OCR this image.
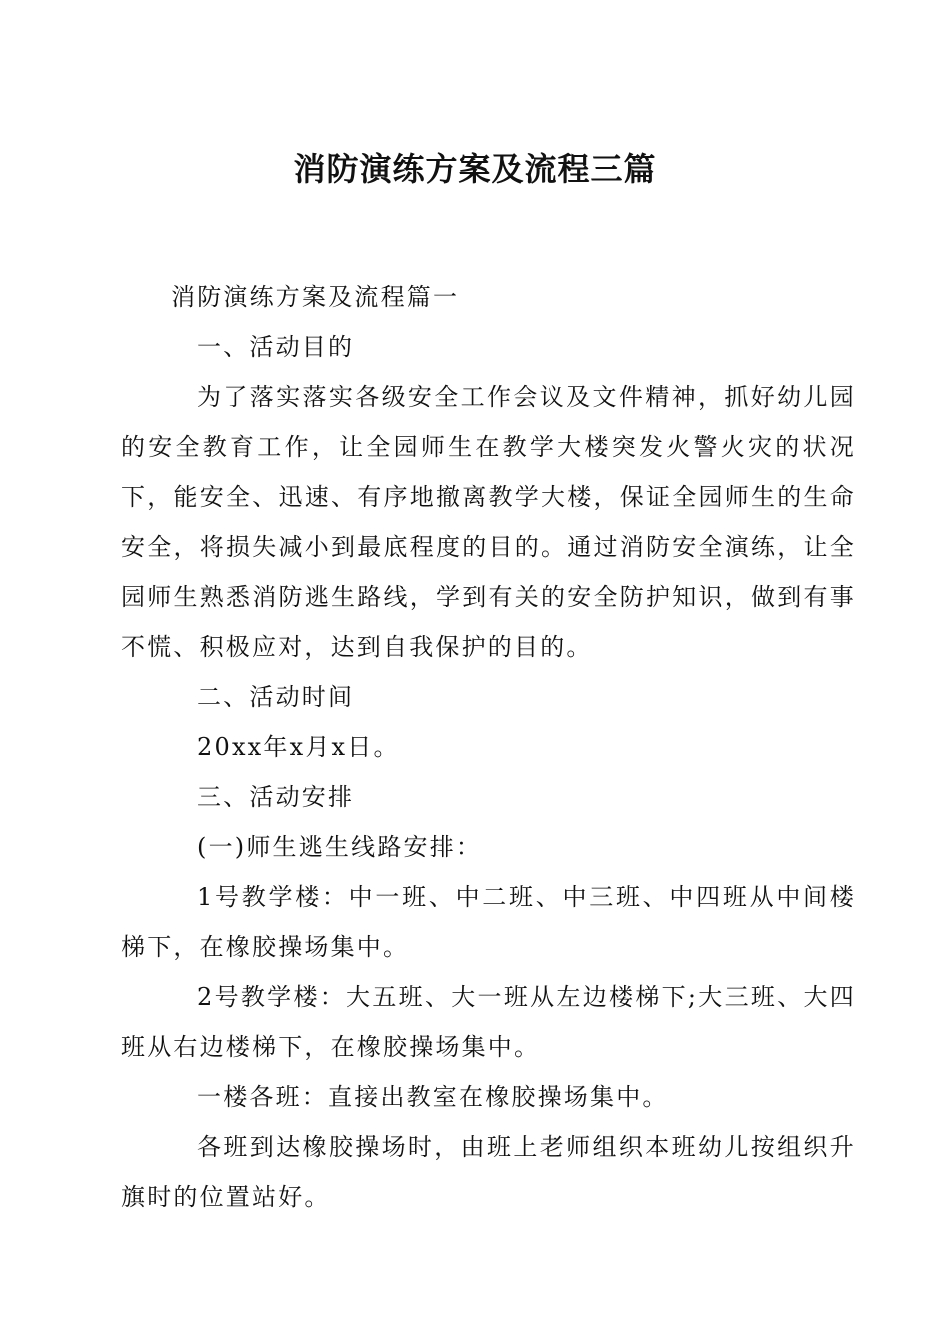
消防演练方案及流程三篇

消防演练方案及流程篇一

一、活动目的

为了落实落实各级安全工作会议及文件精神，抓好幼儿园的安全教育工作，让全园师生在教学大楼突发火警火灾的状况下，能安全、迅速、有序地撤离教学大楼，保证全园师生的生命安全，将损失减小到最底程度的目的。通过消防安全演练，让全园师生熟悉消防逃生路线，学到有关的安全防护知识，做到有事不慌、积极应对，达到自我保护的目的。

二、活动时间

20xx年x月x日。

三、活动安排

(一)师生逃生线路安排：

1号教学楼：中一班、中二班、中三班、中四班从中间楼梯下，在橡胶操场集中。

2号教学楼：大五班、大一班从左边楼梯下;大三班、大四班从右边楼梯下，在橡胶操场集中。

一楼各班：直接出教室在橡胶操场集中。

各班到达橡胶操场时，由班上老师组织本班幼儿按组织升旗时的位置站好。
